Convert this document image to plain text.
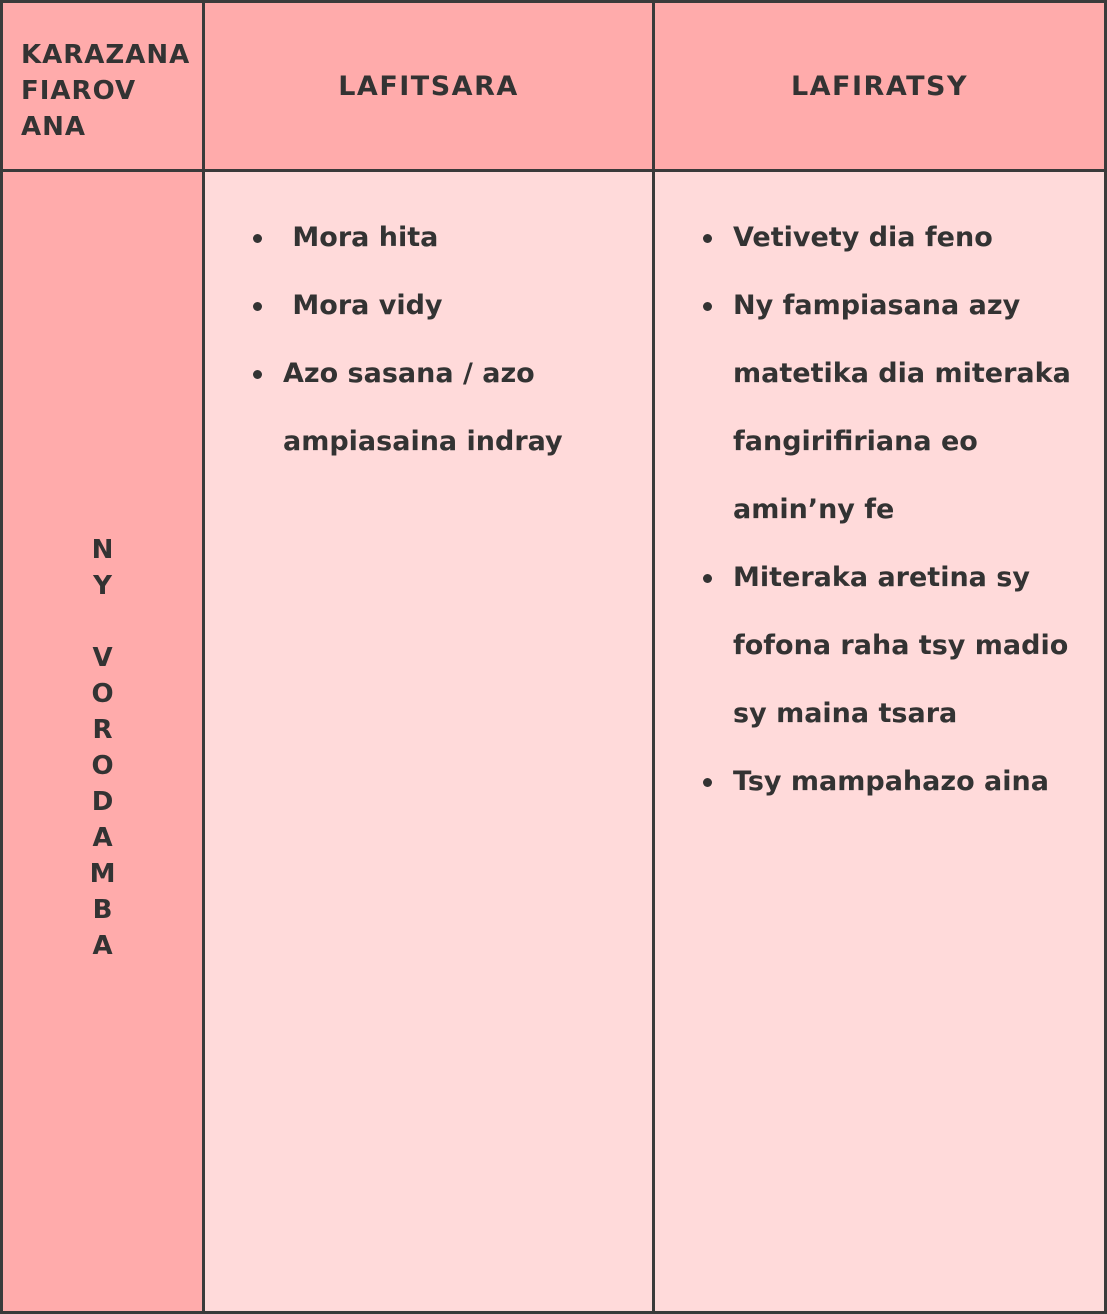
KARAZANA
FIAROV
ANA
LAFITSARA	LAFIRATSY
N
Y
V
O
R
O
D
A
M
B
A
Mora hita
Mora vidy
Azo sasana / azo ampiasaina indray
Vetivety dia feno
Ny fampiasana azy matetika dia miteraka fangirifiriana eo amin’ny fe
Miteraka aretina sy fofona raha tsy madio sy maina tsara
Tsy mampahazo aina
